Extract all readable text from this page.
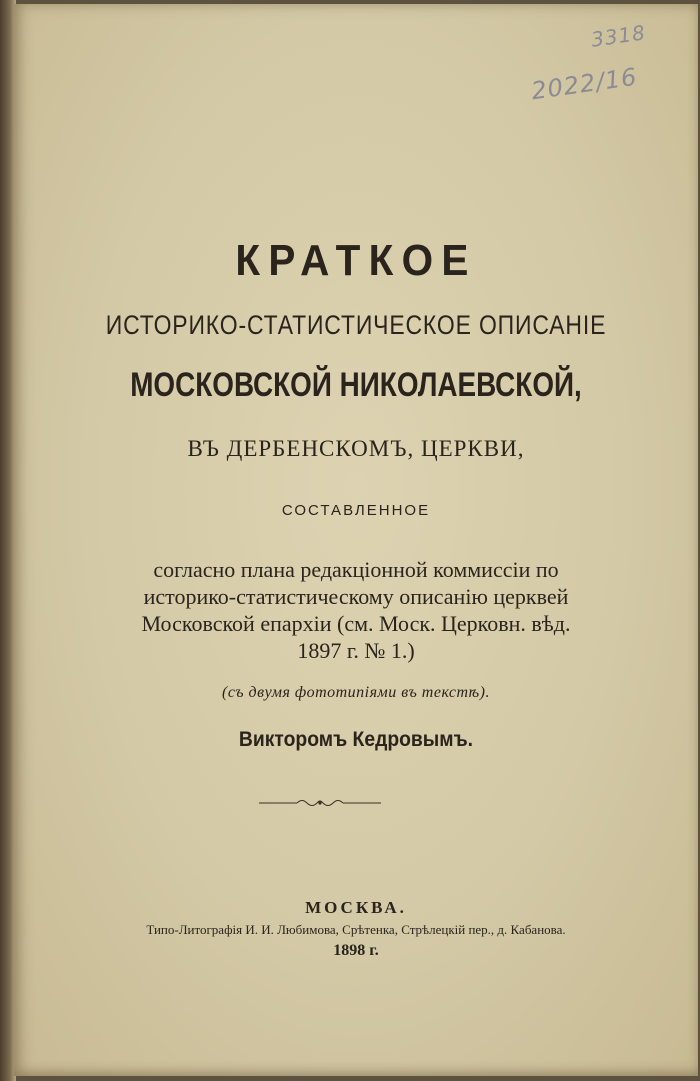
3318
2022/16
КРАТКОЕ
ИСТОРИКО-СТАТИСТИЧЕСКОЕ ОПИСАНIЕ
МОСКОВСКОЙ НИКОЛАЕВСКОЙ,
ВЪ ДЕРБЕНСКОМЪ, ЦЕРКВИ,
СОСТАВЛЕННОЕ
согласно плана редакцiонной коммиссiи по
историко-статистическому описанiю церквей
Московской епархiи (см. Моск. Церковн. вѣд.
1897 г. № 1.)
(съ двумя фототипiями въ текстѣ).
Викторомъ Кедровымъ.
МОСКВА.
Типо-Литографiя И. И. Любимова, Срѣтенка, Стрѣлецкiй пер., д. Кабанова.
1898 г.
